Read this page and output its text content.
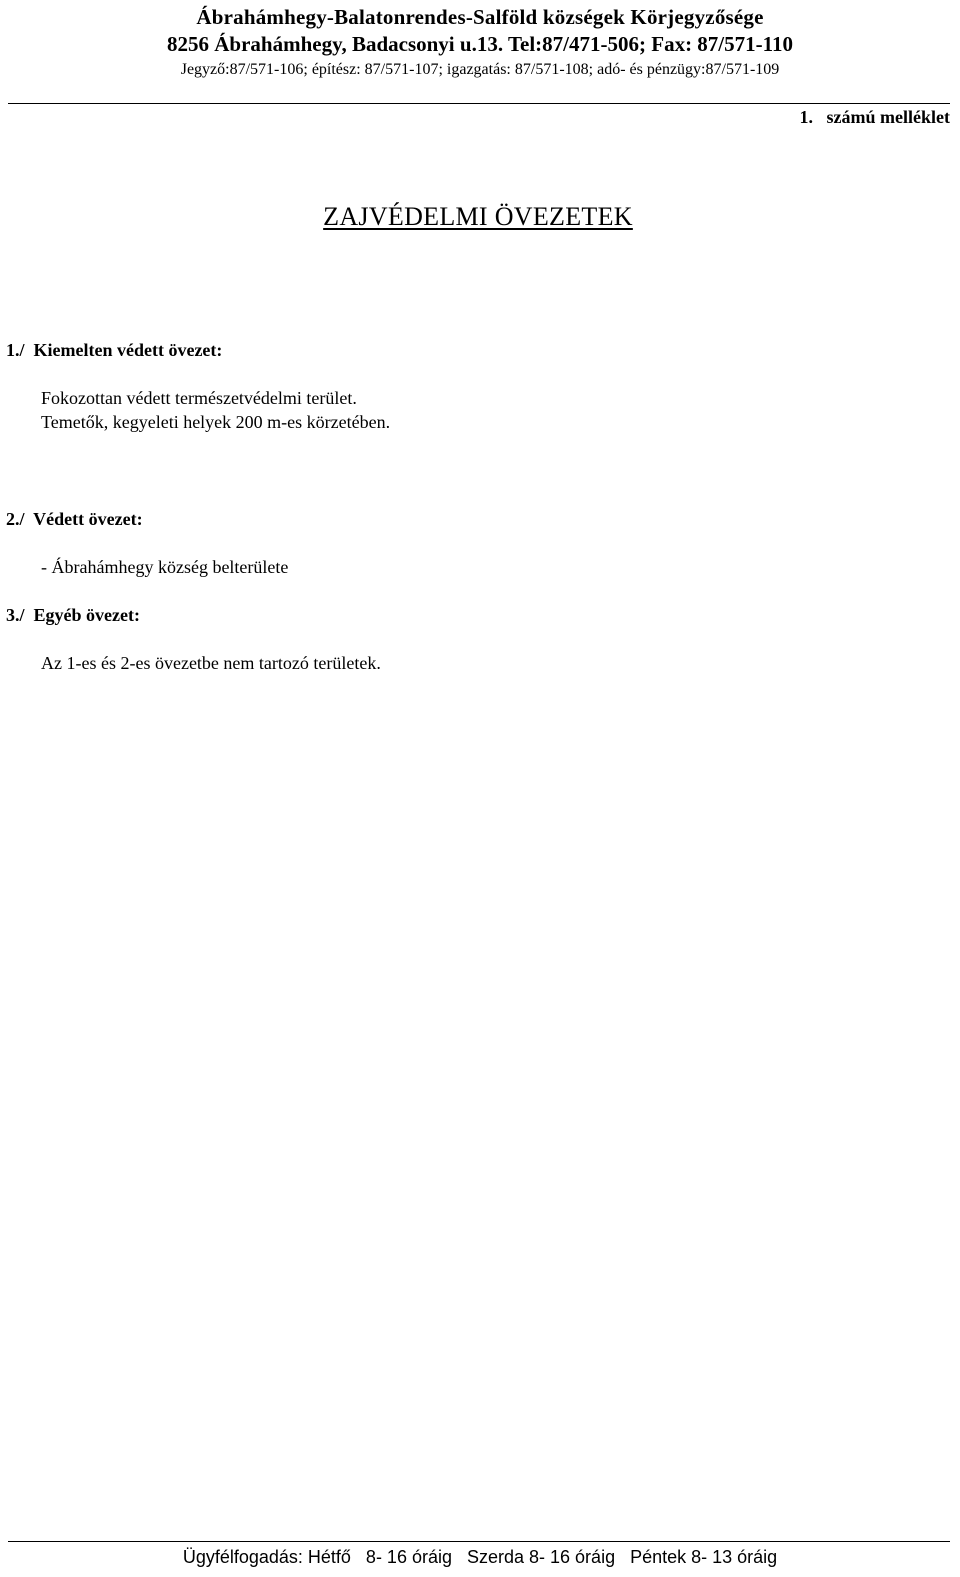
Ábrahámhegy-Balatonrendes-Salföld községek Körjegyzősége
8256 Ábrahámhegy, Badacsonyi u.13. Tel:87/471-506; Fax: 87/571-110
Jegyző:87/571-106; építész: 87/571-107; igazgatás: 87/571-108; adó- és pénzügy:87/571-109
1.   számú melléklet
ZAJVÉDELMI ÖVEZETEK
1./  Kiemelten védett övezet:
Fokozottan védett természetvédelmi terület.
Temetők, kegyeleti helyek 200 m-es körzetében.
2./  Védett övezet:
- Ábrahámhegy község belterülete
3./  Egyéb övezet:
Az 1-es és 2-es övezetbe nem tartozó területek.
Ügyfélfogadás: Hétfő   8- 16 óráig   Szerda 8- 16 óráig   Péntek 8- 13 óráig
